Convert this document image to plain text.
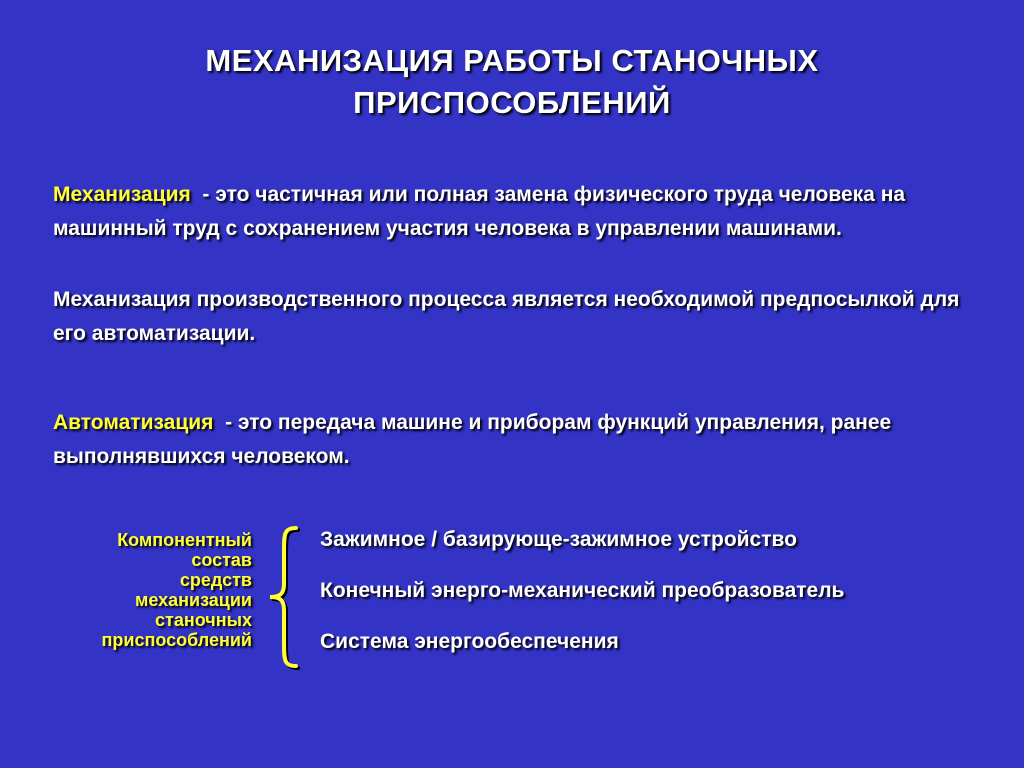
МЕХАНИЗАЦИЯ РАБОТЫ СТАНОЧНЫХ
ПРИСПОСОБЛЕНИЙ
Механизация  - это частичная или полная замена физического труда человека на машинный труд с сохранением участия человека в управлении машинами.
Механизация производственного процесса является необходимой предпосылкой для его автоматизации.
Автоматизация  - это передача машине и приборам функций управления, ранее выполнявшихся человеком.
Компонентный
состав
средств
механизации
станочных
приспособлений
Зажимное / базирующе-зажимное устройство
Конечный энерго-механический преобразователь
Система энергообеспечения
